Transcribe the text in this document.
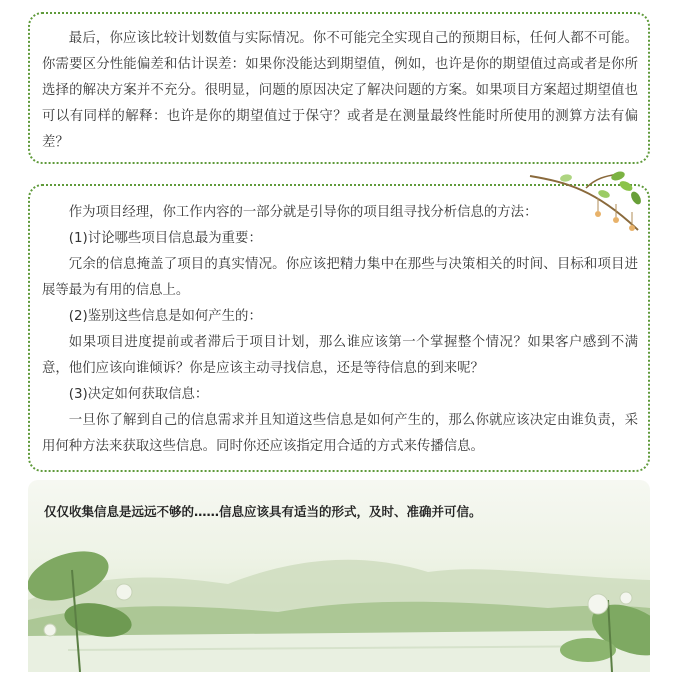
最后，你应该比较计划数值与实际情况。你不可能完全实现自己的预期目标，任何人都不可能。你需要区分性能偏差和估计误差：如果你没能达到期望值，例如，也许是你的期望值过高或者是你所选择的解决方案并不充分。很明显，问题的原因决定了解决问题的方案。如果项目方案超过期望值也可以有同样的解释：也许是你的期望值过于保守？或者是在测量最终性能时所使用的测算方法有偏差？

作为项目经理，你工作内容的一部分就是引导你的项目组寻找分析信息的方法：
(1)讨论哪些项目信息最为重要：
冗余的信息掩盖了项目的真实情况。你应该把精力集中在那些与决策相关的时间、目标和项目进展等最为有用的信息上。
(2)鉴别这些信息是如何产生的：
如果项目进度提前或者滞后于项目计划，那么谁应该第一个掌握整个情况？如果客户感到不满意，他们应该向谁倾诉？你是应该主动寻找信息，还是等待信息的到来呢？
(3)决定如何获取信息：
一旦你了解到自己的信息需求并且知道这些信息是如何产生的，那么你就应该决定由谁负责，采用何种方法来获取这些信息。同时你还应该指定用合适的方式来传播信息。

仅仅收集信息是远远不够的……信息应该具有适当的形式，及时、准确并可信。
